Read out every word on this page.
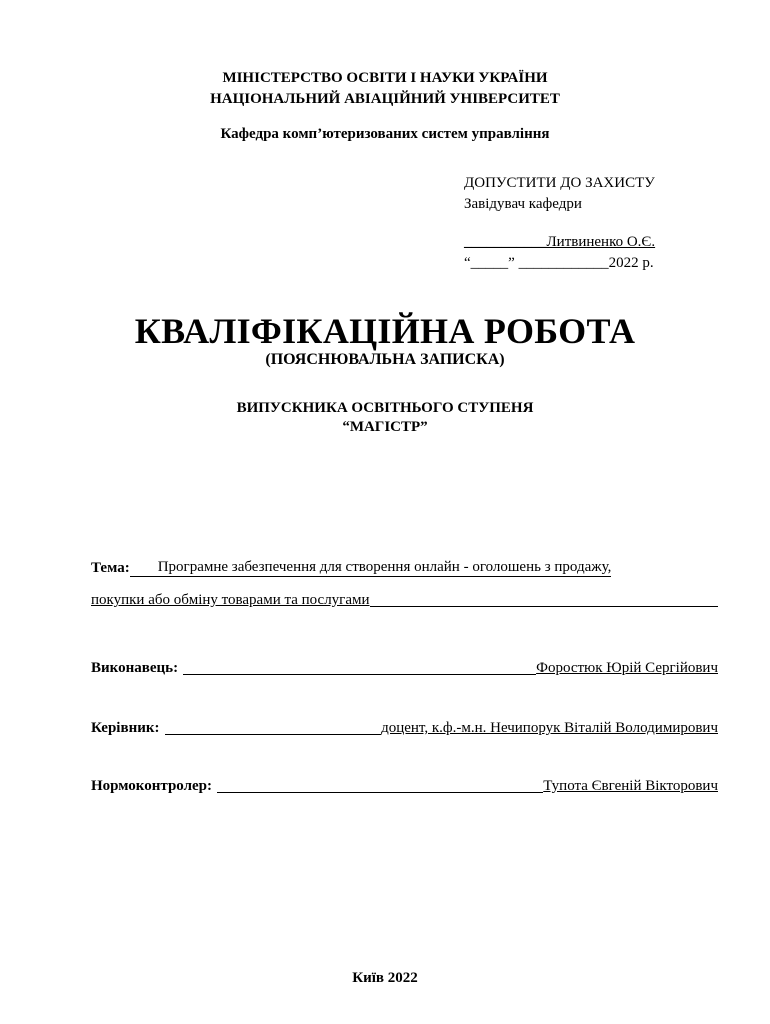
МІНІСТЕРСТВО ОСВІТИ І НАУКИ УКРАЇНИ
НАЦІОНАЛЬНИЙ АВІАЦІЙНИЙ УНІВЕРСИТЕТ
Кафедра комп’ютеризованих систем управління
ДОПУСТИТИ ДО ЗАХИСТУ
Завідувач кафедри
___________Литвиненко О.Є.
“_____” ____________2022 р.
КВАЛІФІКАЦІЙНА РОБОТА
(ПОЯСНЮВАЛЬНА ЗАПИСКА)
ВИПУСКНИКА ОСВІТНЬОГО СТУПЕНЯ
“МАГІСТР”
Тема:	Програмне забезпечення для створення онлайн - оголошень з продажу,
покупки або обміну товарами та послугами
Виконавець:	Форостюк Юрій Сергійович
Керівник:	доцент, к.ф.-м.н. Нечипорук Віталій Володимирович
Нормоконтролер:	Тупота Євгеній Вікторович
Київ 2022
